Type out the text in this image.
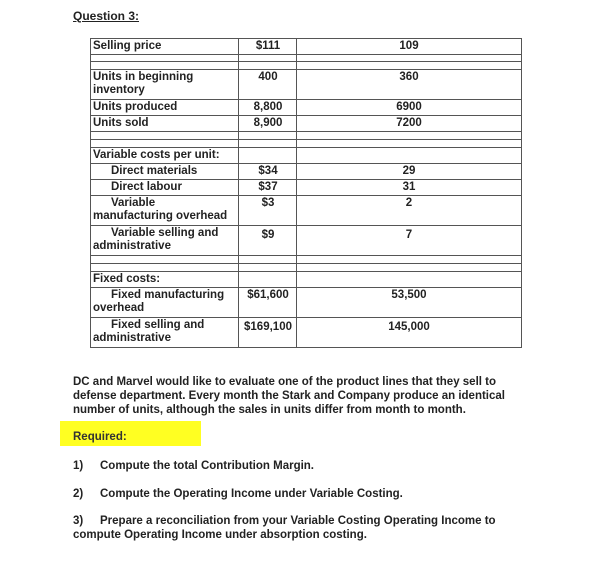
Question 3:
Selling price	$111	109
Units in beginning inventory
400	360
Units produced	8,800	6900
Units sold	8,900	7200
Variable costs per unit:
Direct materials	$34	29
Direct labour	$37	31
Variable
manufacturing overhead
$3	2
Variable selling and
administrative
$9	7
Fixed costs:
Fixed manufacturing
overhead
$61,600	53,500
Fixed selling and
administrative
$169,100	145,000
DC and Marvel would like to evaluate one of the product lines that they sell to
defense department. Every month the Stark and Company produce an identical
number of units, although the sales in units differ from month to month.
Required:
1) Compute the total Contribution Margin.
2) Compute the Operating Income under Variable Costing.
3) Prepare a reconciliation from your Variable Costing Operating Income to
compute Operating Income under absorption costing.
